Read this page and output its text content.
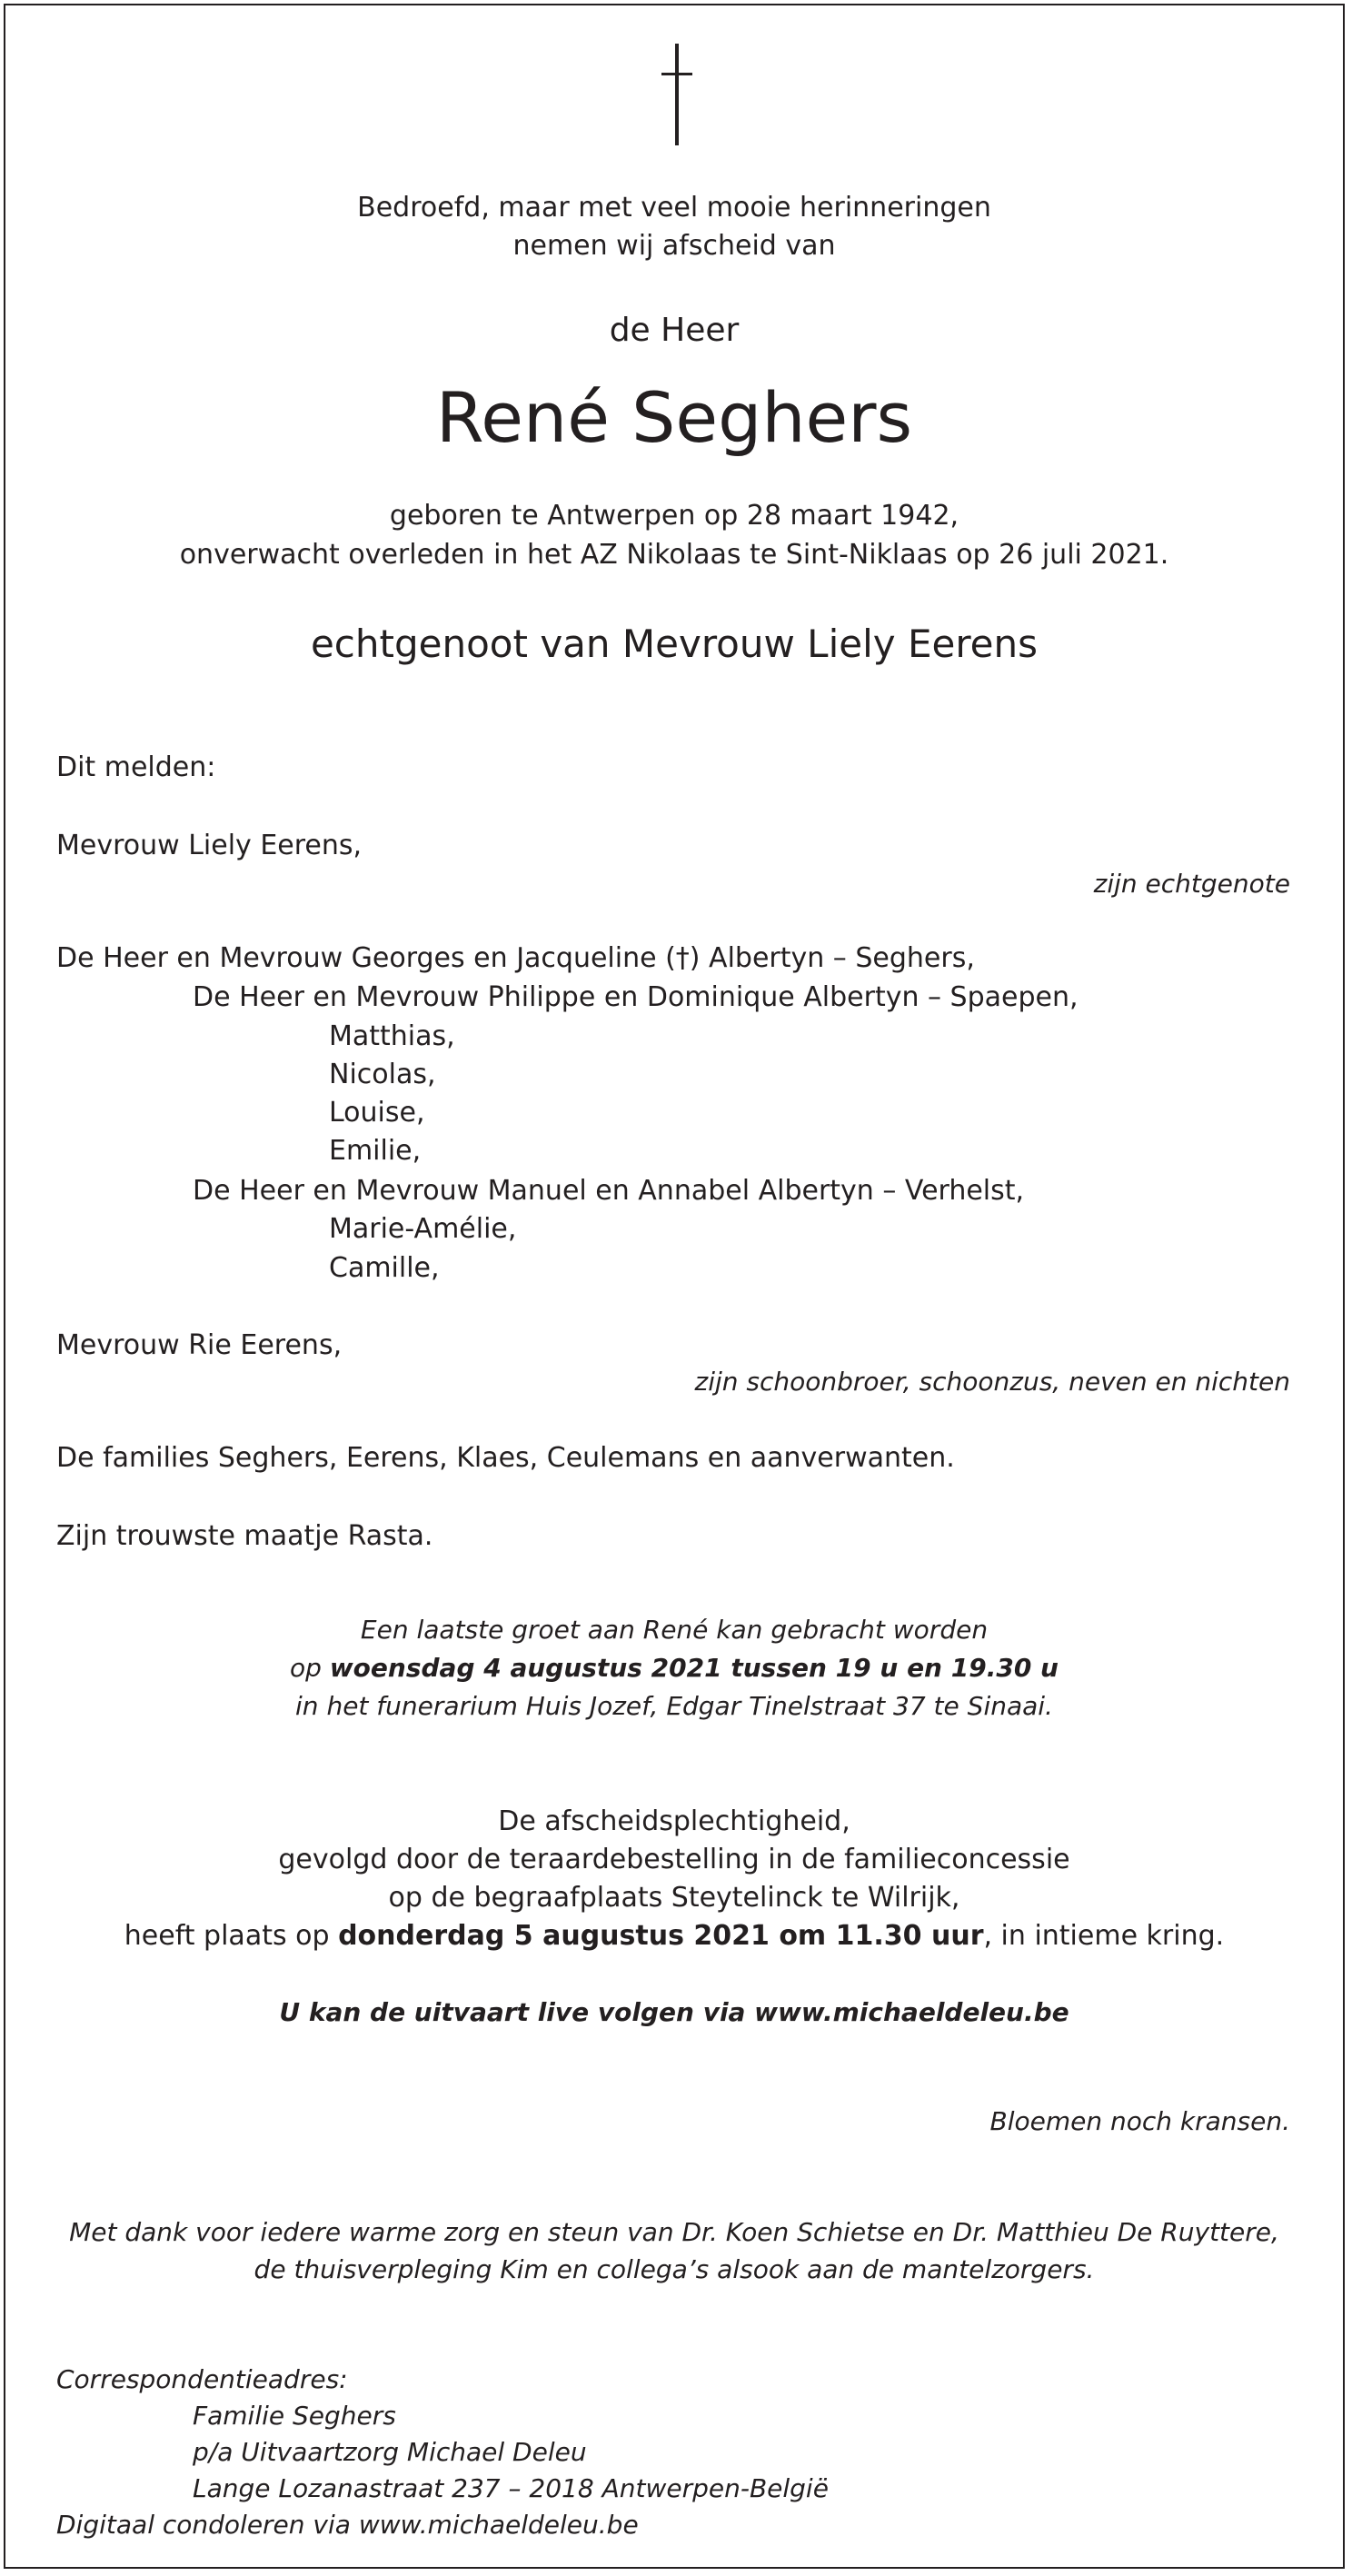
Bedroefd, maar met veel mooie herinneringen
nemen wij afscheid van
de Heer
René Seghers
geboren te Antwerpen op 28 maart 1942,
onverwacht overleden in het AZ Nikolaas te Sint-Niklaas op 26 juli 2021.
echtgenoot van Mevrouw Liely Eerens
Dit melden:
Mevrouw Liely Eerens,
zijn echtgenote
De Heer en Mevrouw Georges en Jacqueline (†) Albertyn – Seghers,
De Heer en Mevrouw Philippe en Dominique Albertyn – Spaepen,
Matthias,
Nicolas,
Louise,
Emilie,
De Heer en Mevrouw Manuel en Annabel Albertyn – Verhelst,
Marie-Amélie,
Camille,
Mevrouw Rie Eerens,
zijn schoonbroer, schoonzus, neven en nichten
De families Seghers, Eerens, Klaes, Ceulemans en aanverwanten.
Zijn trouwste maatje Rasta.
Een laatste groet aan René kan gebracht worden
op woensdag 4 augustus 2021 tussen 19 u en 19.30 u
in het funerarium Huis Jozef, Edgar Tinelstraat 37 te Sinaai.
De afscheidsplechtigheid,
gevolgd door de teraardebestelling in de familieconcessie
op de begraafplaats Steytelinck te Wilrijk,
heeft plaats op donderdag 5 augustus 2021 om 11.30 uur, in intieme kring.
U kan de uitvaart live volgen via www.michaeldeleu.be
Bloemen noch kransen.
Met dank voor iedere warme zorg en steun van Dr. Koen Schietse en Dr. Matthieu De Ruyttere,
de thuisverpleging Kim en collega’s alsook aan de mantelzorgers.
Correspondentieadres:
Familie Seghers
p/a Uitvaartzorg Michael Deleu
Lange Lozanastraat 237 – 2018 Antwerpen-België
Digitaal condoleren via www.michaeldeleu.be
